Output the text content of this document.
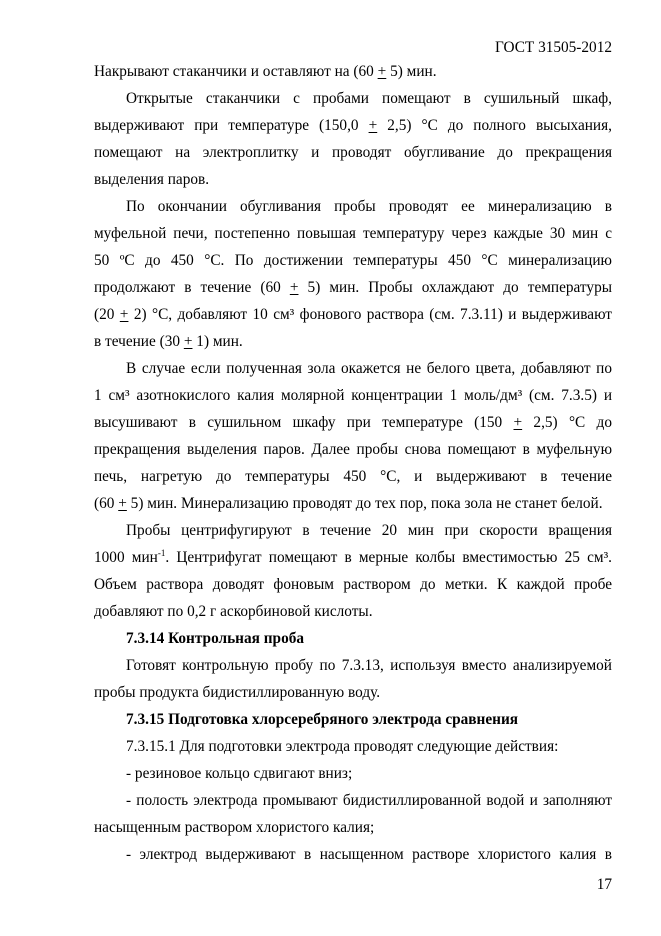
ГОСТ 31505-2012
Накрывают стаканчики и оставляют на (60 + 5) мин.
Открытые стаканчики с пробами помещают в сушильный шкаф,
выдерживают при температуре (150,0 + 2,5) °С до полного высыхания,
помещают на электроплитку и проводят обугливание до прекращения
выделения паров.
По окончании обугливания пробы проводят ее минерализацию в
муфельной печи, постепенно повышая температуру через каждые 30 мин с
50 ºС до 450 °С. По достижении температуры 450 °С минерализацию
продолжают в течение (60 + 5) мин. Пробы охлаждают до температуры
(20 + 2) °С, добавляют 10 см³ фонового раствора (см. 7.3.11) и выдерживают
в течение (30 + 1) мин.
В случае если полученная зола окажется не белого цвета, добавляют по
1 см³ азотнокислого калия молярной концентрации 1 моль/дм³ (см. 7.3.5) и
высушивают в сушильном шкафу при температуре (150 + 2,5) °С до
прекращения выделения паров. Далее пробы снова помещают в муфельную
печь, нагретую до температуры 450 °С, и выдерживают в течение
(60 + 5) мин. Минерализацию проводят до тех пор, пока зола не станет белой.
Пробы центрифугируют в течение 20 мин при скорости вращения
1000 мин$^{-1}$. Центрифугат помещают в мерные колбы вместимостью 25 см³.
Объем раствора доводят фоновым раствором до метки. К каждой пробе
добавляют по 0,2 г аскорбиновой кислоты.
7.3.14 Контрольная проба
Готовят контрольную пробу по 7.3.13, используя вместо анализируемой
пробы продукта бидистиллированную воду.
7.3.15 Подготовка хлорсеребряного электрода сравнения
7.3.15.1 Для подготовки электрода проводят следующие действия:
- резиновое кольцо сдвигают вниз;
- полость электрода промывают бидистиллированной водой и заполняют
насыщенным раствором хлористого калия;
- электрод выдерживают в насыщенном растворе хлористого калия в
17
